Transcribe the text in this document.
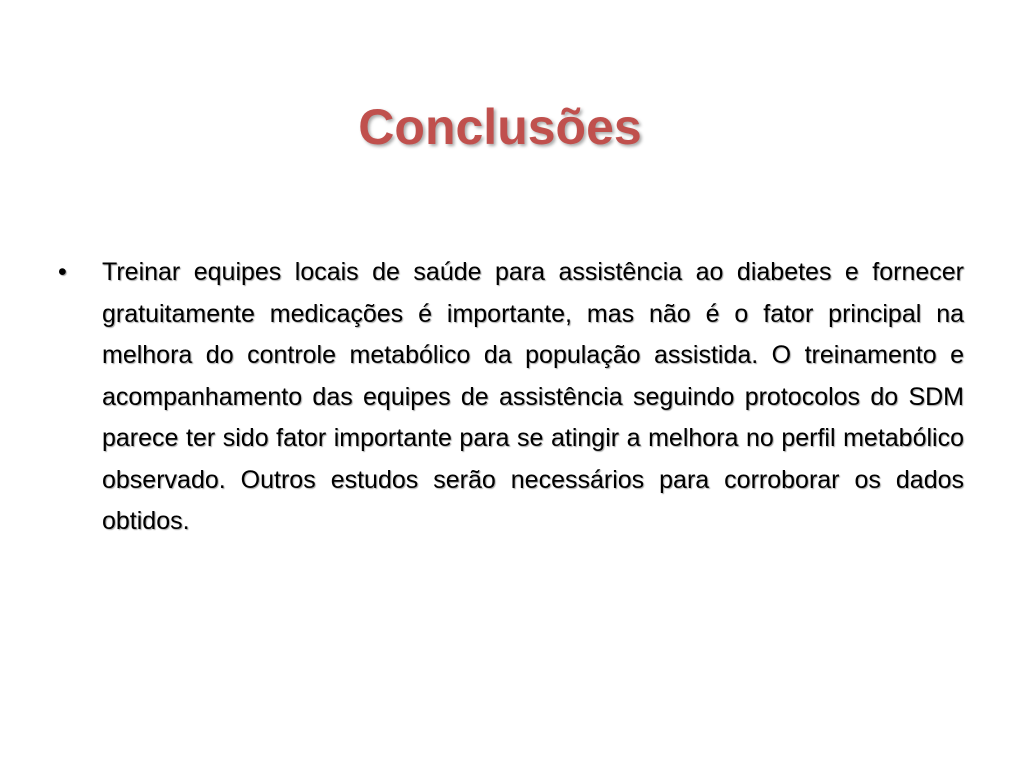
Conclusões
•	Treinar equipes locais de saúde para assistência ao diabetes e fornecer gratuitamente medicações é importante, mas não é o fator principal na melhora do controle metabólico da população assistida. O treinamento e acompanhamento das equipes de assistência seguindo protocolos do SDM parece ter sido fator importante para se atingir a melhora no perfil metabólico observado. Outros estudos serão necessários para corroborar os dados obtidos.
